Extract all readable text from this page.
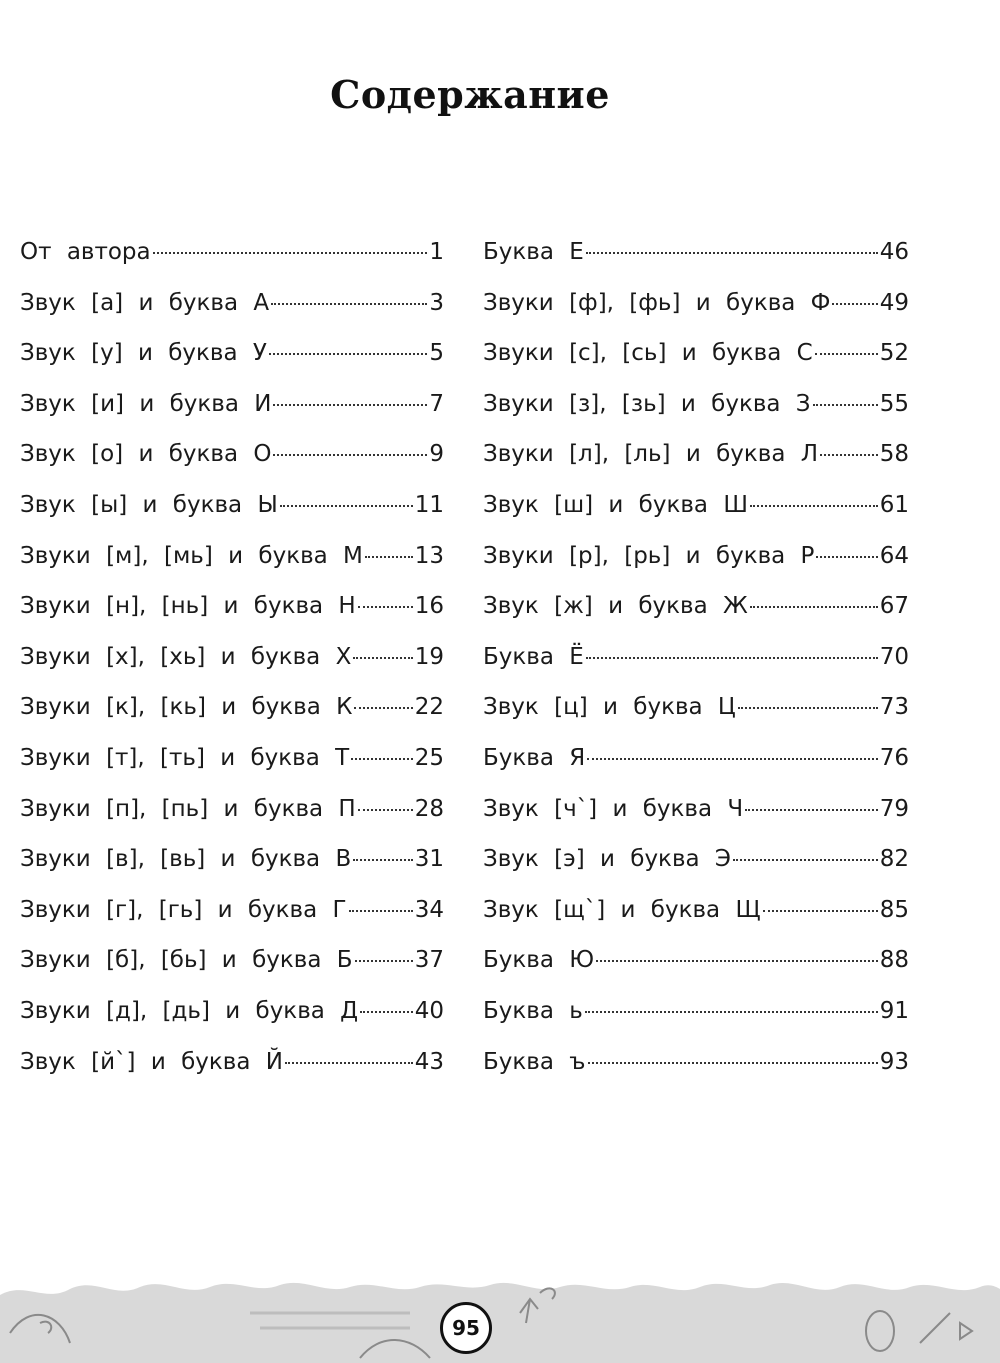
Содержание
От автора	1
Звук [а] и буква А	3
Звук [у] и буква У	5
Звук [и] и буква И	7
Звук [о] и буква О	9
Звук [ы] и буква Ы	11
Звуки [м], [мь] и буква М 13
Звуки [н], [нь] и буква Н	16
Звуки [х], [хь] и буква Х	19
Звуки [к], [кь] и буква К	22
Звуки [т], [ть] и буква Т	25
Звуки [п], [пь] и буква П	28
Звуки [в], [вь] и буква В	31
Звуки [г], [гь] и буква Г	34
Звуки [б], [бь] и буква Б	37
Звуки [д], [дь] и буква Д 40
Звук [й`] и буква Й	43
Буква Е	46
Звуки [ф], [фь] и буква Ф 49
Звуки [с], [сь] и буква С	52
Звуки [з], [зь] и буква З	55
Звуки [л], [ль] и буква Л	58
Звук [ш] и буква Ш	61
Звуки [р], [рь] и буква Р	64
Звук [ж] и буква Ж	67
Буква Ё	70
Звук [ц] и буква Ц	73
Буква Я	76
Звук [ч`] и буква Ч	79
Звук [э] и буква Э	82
Звук [щ`] и буква Щ	85
Буква Ю	88
Буква ь	91
Буква ъ	93
95
